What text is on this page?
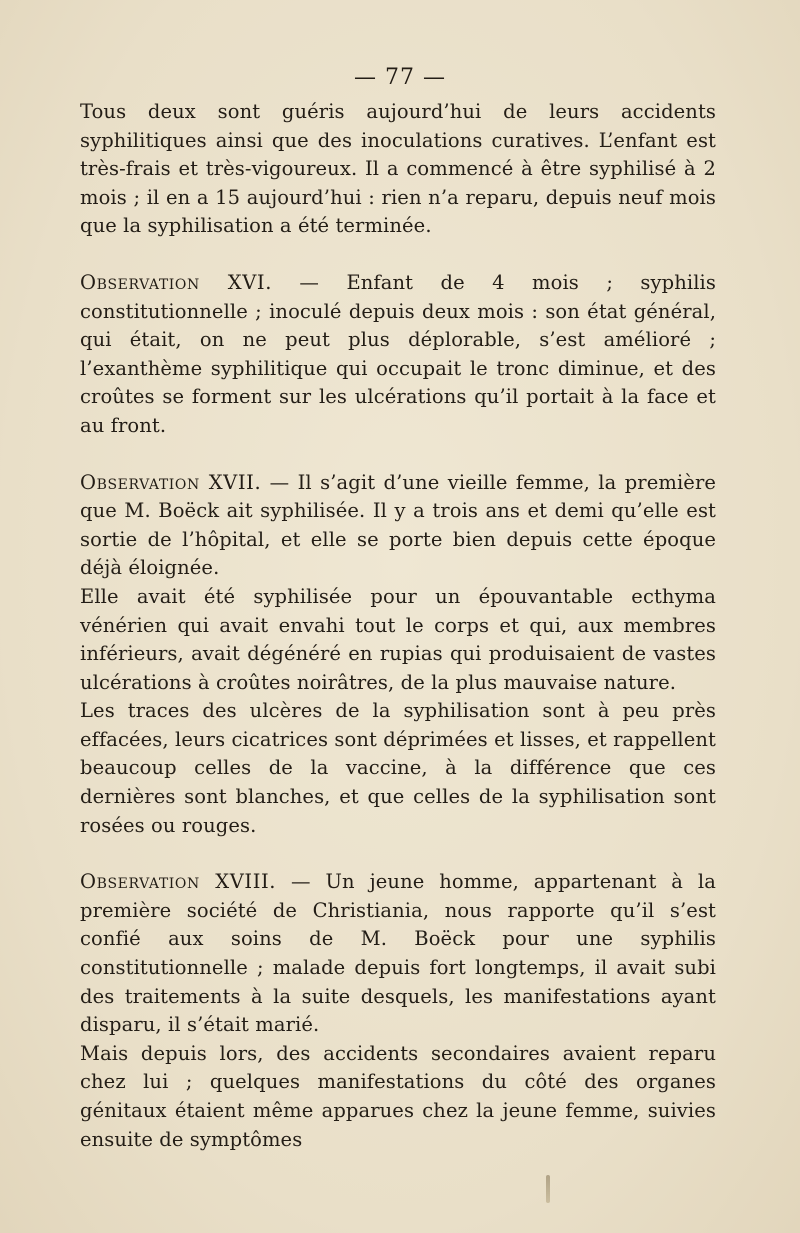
— 77 —

Tous deux sont guéris aujourd’hui de leurs accidents syphilitiques ainsi que des inoculations curatives. L’enfant est très-frais et très-vigoureux. Il a commencé à être syphilisé à 2 mois ; il en a 15 aujourd’hui : rien n’a reparu, depuis neuf mois que la syphilisation a été terminée.

Observation XVI. — Enfant de 4 mois ; syphilis constitutionnelle ; inoculé depuis deux mois : son état général, qui était, on ne peut plus déplorable, s’est amélioré ; l’exanthème syphilitique qui occupait le tronc diminue, et des croûtes se forment sur les ulcérations qu’il portait à la face et au front.

Observation XVII. — Il s’agit d’une vieille femme, la première que M. Boëck ait syphilisée. Il y a trois ans et demi qu’elle est sortie de l’hôpital, et elle se porte bien depuis cette époque déjà éloignée.

Elle avait été syphilisée pour un épouvantable ecthyma vénérien qui avait envahi tout le corps et qui, aux membres inférieurs, avait dégénéré en rupias qui produisaient de vastes ulcérations à croûtes noirâtres, de la plus mauvaise nature.

Les traces des ulcères de la syphilisation sont à peu près effacées, leurs cicatrices sont déprimées et lisses, et rappellent beaucoup celles de la vaccine, à la différence que ces dernières sont blanches, et que celles de la syphilisation sont rosées ou rouges.

Observation XVIII. — Un jeune homme, appartenant à la première société de Christiania, nous rapporte qu’il s’est confié aux soins de M. Boëck pour une syphilis constitutionnelle ; malade depuis fort longtemps, il avait subi des traitements à la suite desquels, les manifestations ayant disparu, il s’était marié.

Mais depuis lors, des accidents secondaires avaient reparu chez lui ; quelques manifestations du côté des organes génitaux étaient même apparues chez la jeune femme, suivies ensuite de symptômes
